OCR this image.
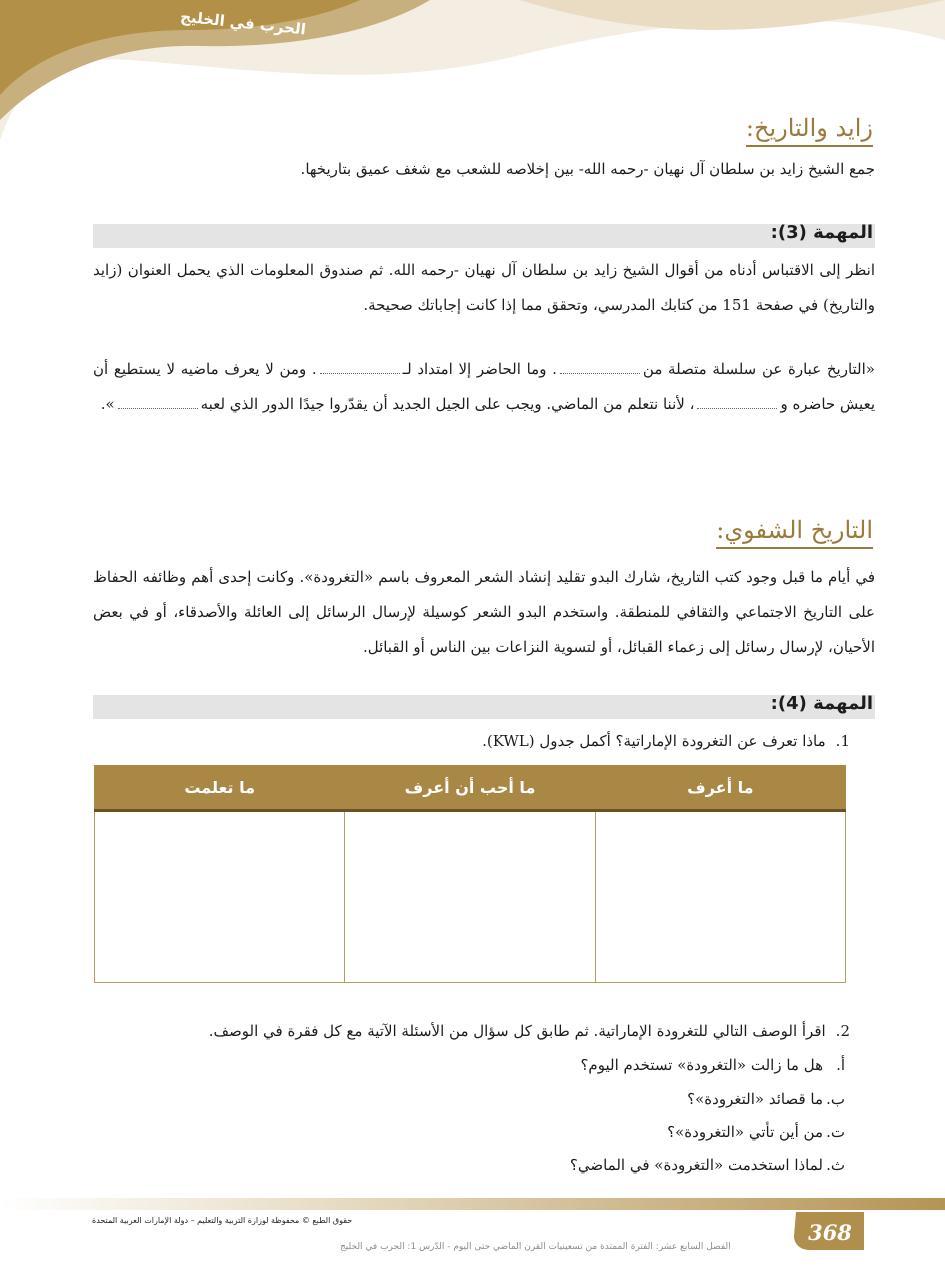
الحرب في الخليج
زايد والتاريخ:

جمع الشيخ زايد بن سلطان آل نهيان -رحمه الله- بين إخلاصه للشعب مع شغف عميق بتاريخها.

المهمة (3):

انظر إلى الاقتباس أدناه من أقوال الشيخ زايد بن سلطان آل نهيان -رحمه الله. ثم صندوق المعلومات الذي يحمل العنوان (زايد والتاريخ) في صفحة 151 من كتابك المدرسي، وتحقق مما إذا كانت إجاباتك صحيحة.

«التاريخ عبارة عن سلسلة متصلة من. وما الحاضر إلا امتداد لـ. ومن لا يعرف ماضيه لا يستطيع أن يعيش حاضره و، لأننا نتعلم من الماضي. ويجب على الجيل الجديد أن يقدّروا جيدًا الدور الذي لعبه».

التاريخ الشفوي:

في أيام ما قبل وجود كتب التاريخ، شارك البدو تقليد إنشاد الشعر المعروف باسم «التغرودة». وكانت إحدى أهم وظائفه الحفاظ على التاريخ الاجتماعي والثقافي للمنطقة. واستخدم البدو الشعر كوسيلة لإرسال الرسائل إلى العائلة والأصدقاء، أو في بعض الأحيان، لإرسال رسائل إلى زعماء القبائل، أو لتسوية النزاعات بين الناس أو القبائل.

المهمة (4):
1.ماذا تعرف عن التغرودة الإماراتية؟ أكمل جدول (KWL).
ما أعرف	ما أحب أن أعرف	ما تعلمت

2.اقرأ الوصف التالي للتغرودة الإماراتية. ثم طابق كل سؤال من الأسئلة الآتية مع كل فقرة في الوصف.
أ.هل ما زالت «التغرودة» تستخدم اليوم؟
ب.ما قصائد «التغرودة»؟
ت.من أين تأتي «التغرودة»؟
ث.لماذا استخدمت «التغرودة» في الماضي؟
حقوق الطبع © محفوظة لوزارة التربية والتعليم – دولة الإمارات العربية المتحدة	368
الفصل السابع عشر: الفترة الممتدة من تسعينيات القرن الماضي حتى اليوم - الدّرس 1: الحرب في الخليج
